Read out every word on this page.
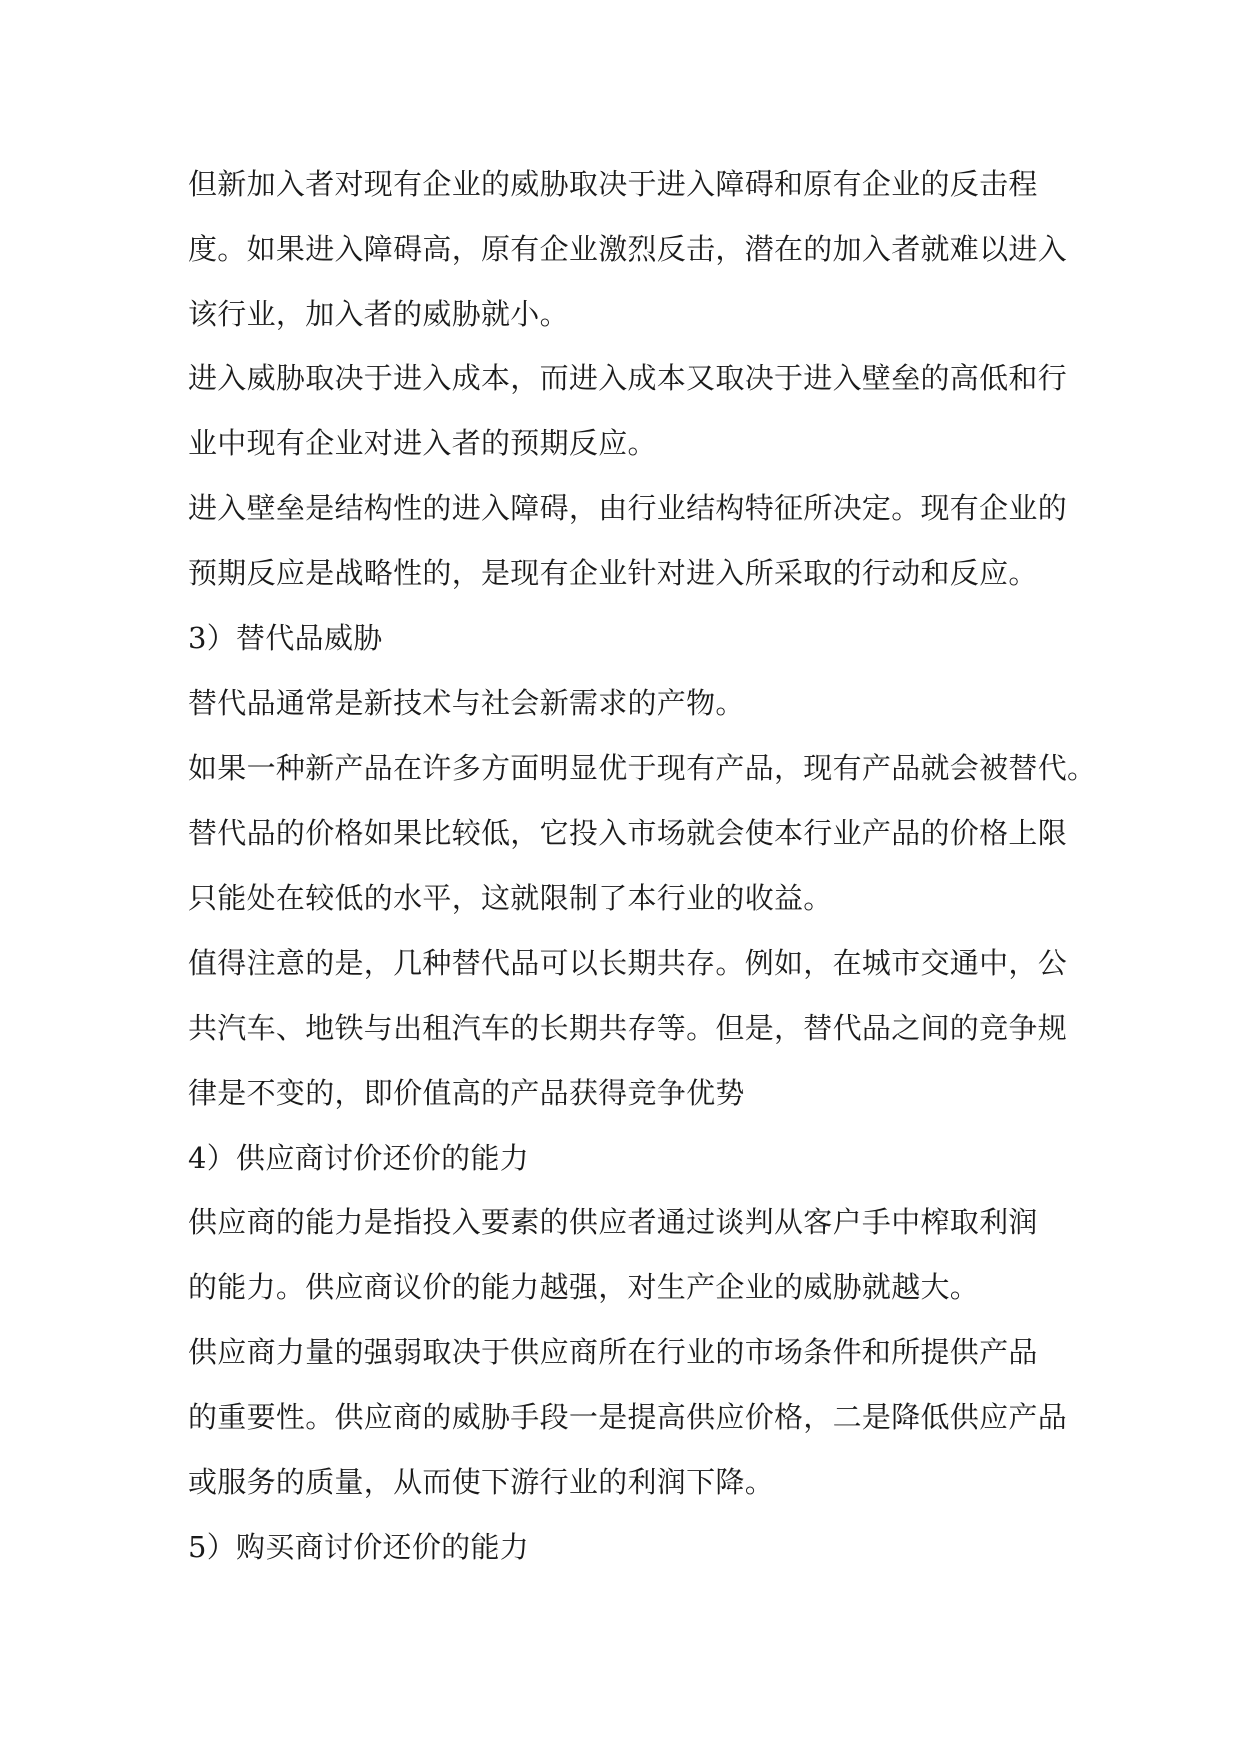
但新加入者对现有企业的威胁取决于进入障碍和原有企业的反击程
度。如果进入障碍高，原有企业激烈反击，潜在的加入者就难以进入
该行业，加入者的威胁就小。
进入威胁取决于进入成本，而进入成本又取决于进入壁垒的高低和行
业中现有企业对进入者的预期反应。
进入壁垒是结构性的进入障碍，由行业结构特征所决定。现有企业的
预期反应是战略性的，是现有企业针对进入所采取的行动和反应。
3）替代品威胁
替代品通常是新技术与社会新需求的产物。
如果一种新产品在许多方面明显优于现有产品，现有产品就会被替代。
替代品的价格如果比较低，它投入市场就会使本行业产品的价格上限
只能处在较低的水平，这就限制了本行业的收益。
值得注意的是，几种替代品可以长期共存。例如，在城市交通中，公
共汽车、地铁与出租汽车的长期共存等。但是，替代品之间的竞争规
律是不变的，即价值高的产品获得竞争优势
4）供应商讨价还价的能力
供应商的能力是指投入要素的供应者通过谈判从客户手中榨取利润
的能力。供应商议价的能力越强，对生产企业的威胁就越大。
供应商力量的强弱取决于供应商所在行业的市场条件和所提供产品
的重要性。供应商的威胁手段一是提高供应价格，二是降低供应产品
或服务的质量，从而使下游行业的利润下降。
5）购买商讨价还价的能力
